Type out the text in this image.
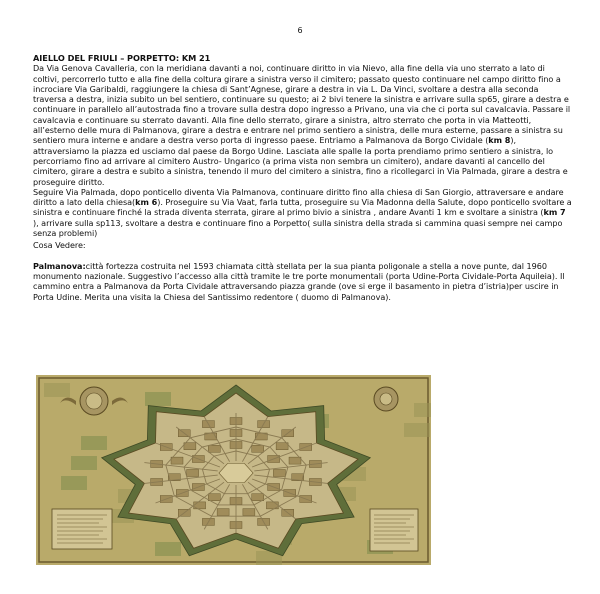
6

AIELLO DEL FRIULI – PORPETTO: KM 21

Da Via Genova Cavalleria, con la meridiana davanti a noi, continuare diritto in via Nievo, alla fine della via uno sterrato a lato di coltivi, percorrerlo tutto e alla fine della coltura girare a sinistra verso il cimitero; passato questo continuare nel campo diritto fino a incrociare Via Garibaldi, raggiungere la chiesa di Sant’Agnese, girare a destra in via L. Da Vinci, svoltare a destra alla seconda traversa a destra, inizia subito un bel sentiero, continuare su questo; ai 2 bivi tenere la sinistra e arrivare sulla sp65, girare a destra e continuare in parallelo all’autostrada fino a trovare sulla destra dopo ingresso a Privano, una via che ci porta sul cavalcavia. Passare il cavalcavia e continuare su sterrato davanti. Alla fine dello sterrato, girare a sinistra, altro sterrato che porta in via Matteotti, all’esterno delle mura di Palmanova, girare a destra e entrare nel primo sentiero a sinistra, delle mura esterne, passare a sinistra su sentiero mura interne e andare a destra verso porta di ingresso paese. Entriamo a Palmanova da Borgo Cividale (km 8), attraversiamo la piazza ed usciamo dal paese da Borgo Udine. Lasciata alle spalle la porta prendiamo primo sentiero a sinistra, lo percorriamo fino ad arrivare al cimitero Austro- Ungarico (a prima vista non sembra un cimitero), andare davanti al cancello del cimitero, girare a destra e subito a sinistra, tenendo il muro del cimitero a sinistra, fino a ricollegarci in Via Palmada, girare a destra e proseguire diritto.

Seguire Via Palmada, dopo ponticello diventa Via Palmanova, continuare diritto fino alla chiesa di San Giorgio, attraversare e andare diritto a lato della chiesa(km 6). Proseguire su Via Vaat, farla tutta, proseguire su Via Madonna della Salute, dopo ponticello svoltare a sinistra e continuare finché la strada diventa sterrata, girare al primo bivio a sinistra , andare Avanti 1 km e svoltare a sinistra (km 7 ), arrivare sulla sp113, svoltare a destra e continuare fino a Porpetto( sulla sinistra della strada si cammina quasi sempre nei campo senza problemi)

Cosa Vedere:

Palmanova:città fortezza costruita nel 1593 chiamata città stellata per la sua pianta poligonale a stella a nove punte, dal 1960 monumento nazionale. Suggestivo l’accesso alla città tramite le tre porte monumentali (porta Udine-Porta Cividale-Porta Aquileia). Il cammino entra a Palmanova da Porta Cividale attraversando piazza grande (ove si erge il basamento in pietra d’istria)per uscire in Porta Udine. Merita una visita la Chiesa del Santissimo redentore ( duomo di Palmanova).
